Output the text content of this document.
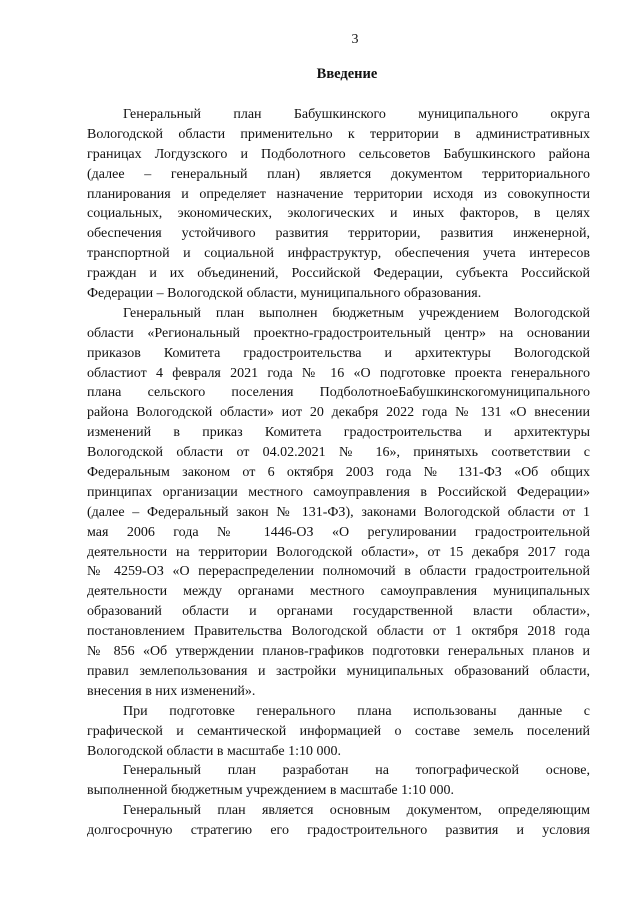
3
Введение
Генеральный план Бабушкинского муниципального округа
Вологодской области применительно к территории в административных
границах Логдузского и Подболотного сельсоветов Бабушкинского района
(далее – генеральный план) является документом территориального
планирования и определяет назначение территории исходя из совокупности
социальных, экономических, экологических и иных факторов, в целях
обеспечения устойчивого развития территории, развития инженерной,
транспортной и социальной инфраструктур, обеспечения учета интересов
граждан и их объединений, Российской Федерации, субъекта Российской
Федерации – Вологодской области, муниципального образования.
Генеральный план выполнен бюджетным учреждением Вологодской
области «Региональный проектно-градостроительный центр» на основании
приказов Комитета градостроительства и архитектуры Вологодской
областиот 4 февраля 2021 года № 16 «О подготовке проекта генерального
плана сельского поселения ПодболотноеБабушкинскогомуниципального
района Вологодской области» иот 20 декабря 2022 года № 131 «О внесении
изменений в приказ Комитета градостроительства и архитектуры
Вологодской области от 04.02.2021 № 16», принятыхь соответствии с
Федеральным законом от 6 октября 2003 года № 131-ФЗ «Об общих
принципах организации местного самоуправления в Российской Федерации»
(далее – Федеральный закон № 131-ФЗ), законами Вологодской области от 1
мая 2006 года № 1446-ОЗ «О регулировании градостроительной
деятельности на территории Вологодской области», от 15 декабря 2017 года
№ 4259-ОЗ «О перераспределении полномочий в области градостроительной
деятельности между органами местного самоуправления муниципальных
образований области и органами государственной власти области»,
постановлением Правительства Вологодской области от 1 октября 2018 года
№ 856 «Об утверждении планов-графиков подготовки генеральных планов и
правил землепользования и застройки муниципальных образований области,
внесения в них изменений».
При подготовке генерального плана использованы данные с
графической и семантической информацией о составе земель поселений
Вологодской области в масштабе 1:10 000.
Генеральный план разработан на топографической основе,
выполненной бюджетным учреждением в масштабе 1:10 000.
Генеральный план является основным документом, определяющим
долгосрочную стратегию его градостроительного развития и условия
